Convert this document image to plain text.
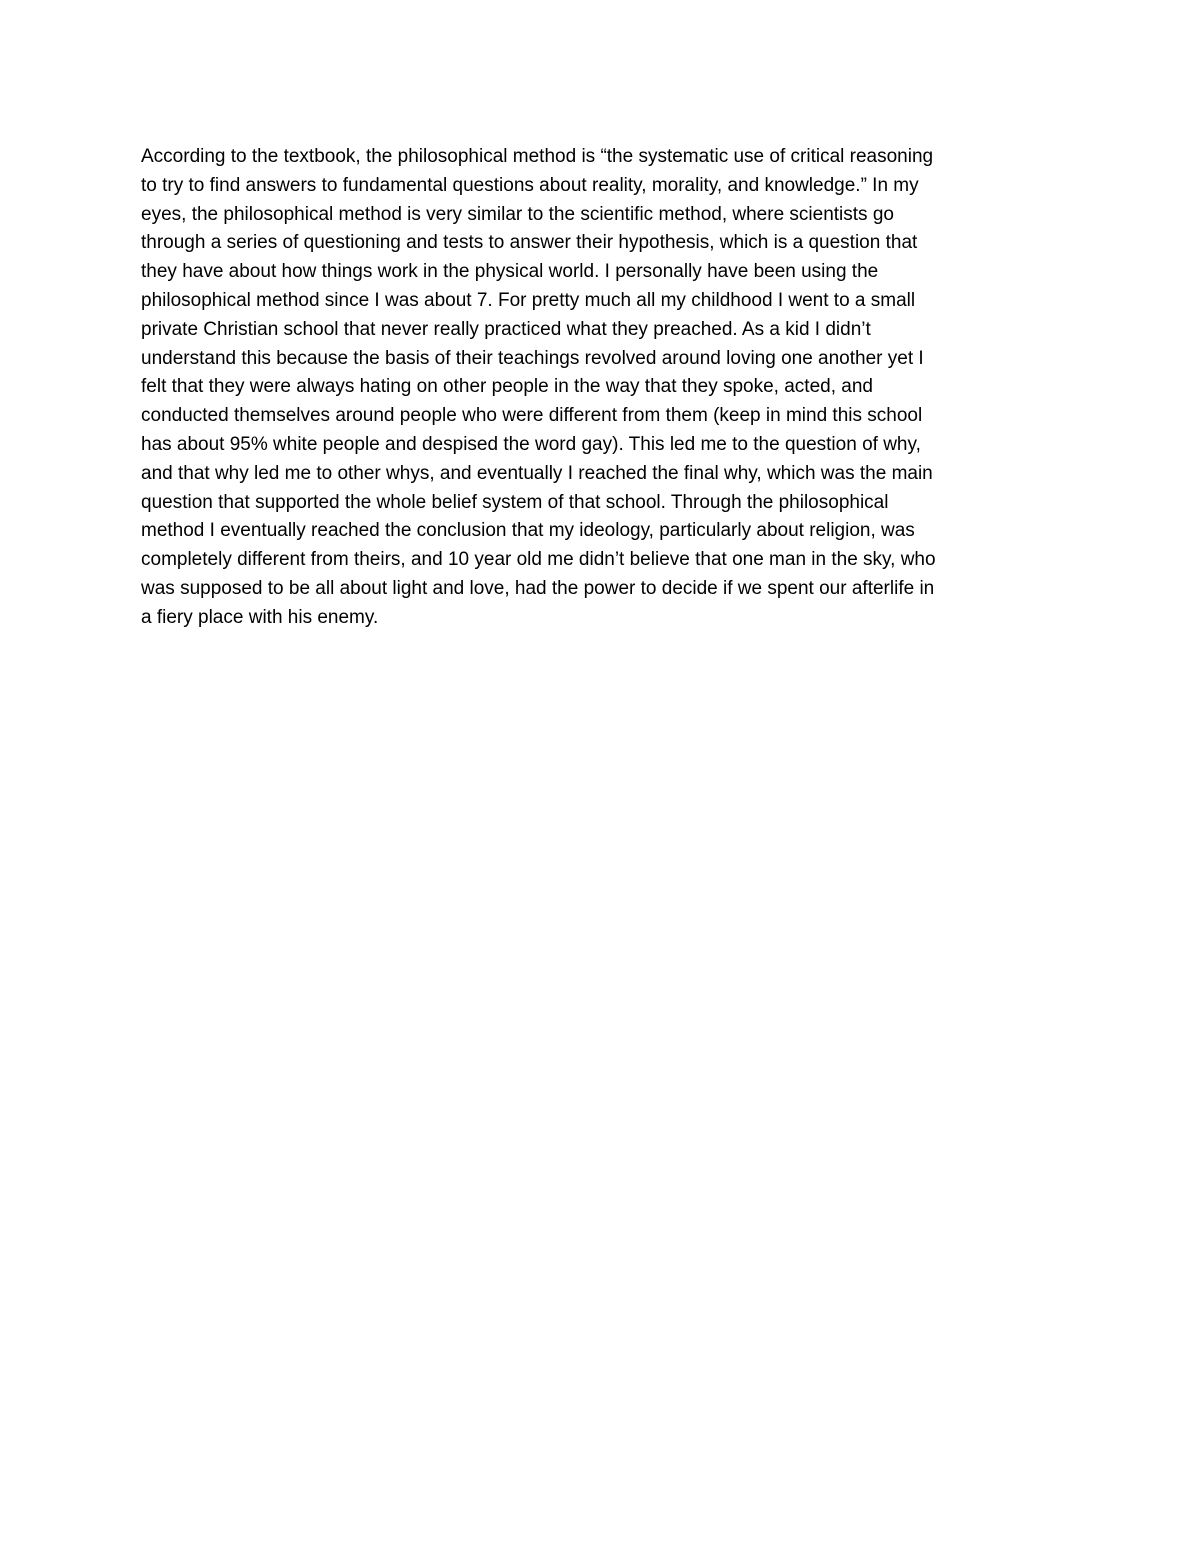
According to the textbook, the philosophical method is “the systematic use of critical reasoning
to try to find answers to fundamental questions about reality, morality, and knowledge.” In my
eyes, the philosophical method is very similar to the scientific method, where scientists go
through a series of questioning and tests to answer their hypothesis, which is a question that
they have about how things work in the physical world. I personally have been using the
philosophical method since I was about 7. For pretty much all my childhood I went to a small
private Christian school that never really practiced what they preached. As a kid I didn’t
understand this because the basis of their teachings revolved around loving one another yet I
felt that they were always hating on other people in the way that they spoke, acted, and
conducted themselves around people who were different from them (keep in mind this school
has about 95% white people and despised the word gay). This led me to the question of why,
and that why led me to other whys, and eventually I reached the final why, which was the main
question that supported the whole belief system of that school. Through the philosophical
method I eventually reached the conclusion that my ideology, particularly about religion, was
completely different from theirs, and 10 year old me didn’t believe that one man in the sky, who
was supposed to be all about light and love, had the power to decide if we spent our afterlife in
a fiery place with his enemy.
